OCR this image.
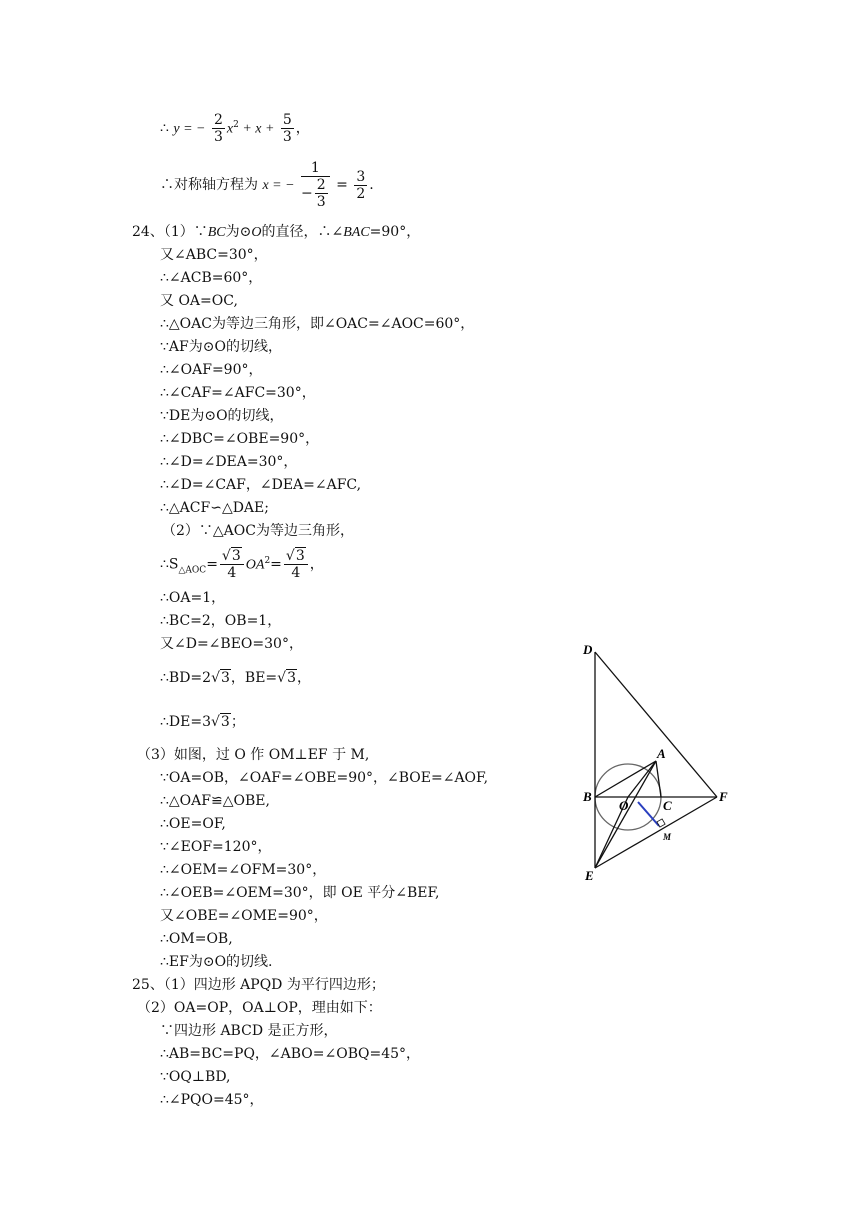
∴ y = − $\frac{2}{3} x^2 + x + \frac{5}{3}$ ，
∴对称轴方程为 x = − $\frac{1}{- \frac{2}{3}} = \frac{3}{2}$ .
24、（1）∵BC为⊙O的直径，∴∠BAC=90°，
又∠ABC=30°，
∴∠ACB=60°，
又 OA=OC,
∴△OAC为等边三角形，即∠OAC=∠AOC=60°，
∵AF为⊙O的切线，
∴∠OAF=90°，
∴∠CAF=∠AFC=30°，
∵DE为⊙O的切线，
∴∠DBC=∠OBE=90°，
∴∠D=∠DEA=30°，
∴∠D=∠CAF，∠DEA=∠AFC,
∴△ACF∽△DAE;
（2）∵△AOC为等边三角形，
$\therefore S_{\triangle AOC}= \frac{√3}{4} OA^2= \frac{√3}{4}$ ，
∴OA=1，
∴BC=2，OB=1，
又∠D=∠BEO=30°，
∴BD=2√3，BE=√3，
∴DE=3√3；
（3）如图，过 O 作 OM⊥EF 于 M,
∵OA=OB，∠OAF=∠OBE=90°，∠BOE=∠AOF,
∴△OAF≌△OBE,
∴OE=OF,
∵∠EOF=120°，
∴∠OEM=∠OFM=30°，
∴∠OEB=∠OEM=30°，即 OE 平分∠BEF,
又∠OBE=∠OME=90°，
∴OM=OB,
∴EF为⊙O的切线.
25、（1）四边形 APQD 为平行四边形；
（2）OA=OP，OA⊥OP，理由如下：
∵四边形 ABCD 是正方形，
∴AB=BC=PQ，∠ABO=∠OBQ=45°，
∵OQ⊥BD,
∴∠PQO=45°，
D
A
B
O	C
F
M
E
